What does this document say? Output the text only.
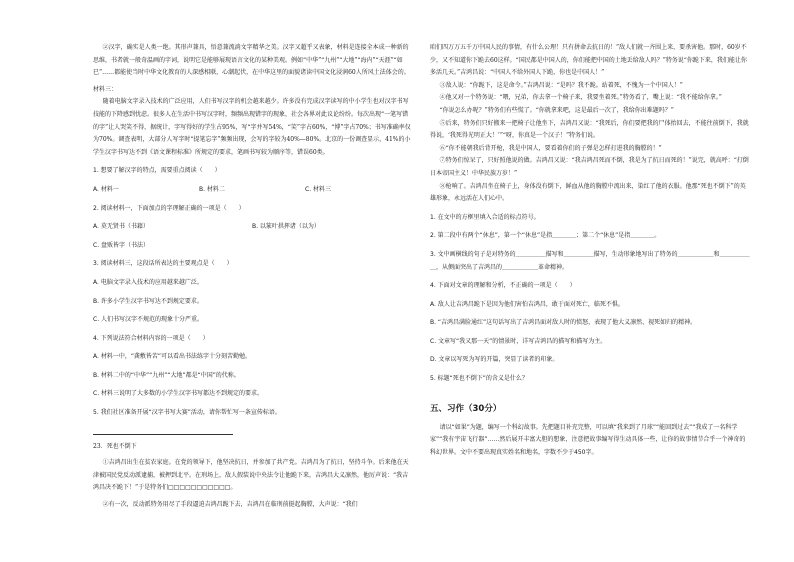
②汉字，确实是人类一绝。其形声兼具，悟意兼流淌文字精华之美。汉字又超乎又表象，材料是连接全本成一种新的思维，书者就一般奇温画的字词，说明它是能够展现语言文化的某种美观。例如“中华”“九州”“大地”“海内”“天涯”“如巳”……都能使当时中华文化教育的人深感相联，心潮起伏，在中华这里的面貌诸读中国文化浸润60人所风土法体会的。

材料三：

随着电脑文字录入技术的广泛应用，人们书写汉字的机会越来越少。许多没有完成汉字读写的中小学生也对汉字书写技能的下降感到忧虑。很多人在生活中书写汉字时，频频出现错字的现象，社会各界对此议论纷纷。每次出现“一笔写错的字”让人哭笑不得，据统计，字写得好的学生占95%，写“字并写54%，“笑”字占60%，“博”字占70%；书写准确率仅为70%。调查表明，大部分人写字时“提笔忘字”频频出现，会写的字较为40%—80%。北京的一份调查显示，41%的小学生汉字书写达不到《语文课程标准》所规定的要求，笔画书写较为顺序等，错误60类。

1. 想要了解汉字的特点，需要重点阅读（　　）

A. 材料一	B. 材料二	C. 材料三

2. 阅读材料一，下面加点的字理解正确的一项是（　　）

A. 莫无贤书（书籍）	B. 以篆叶拱挥诸（以为）

C. 盘贩皆字（书法）

3. 阅读材料三，这段话所表达的主要观点是（　　）

A. 电脑文字录入技术的应用越来越广泛。

B. 许多小学生汉字书写达不到规定要求。

C. 人们书写汉字不规范的现象十分严重。

4. 下列说法符合材料内容的一项是（　　）

A. 材料一中，“龚敷皆苦”可以看出书法练字十分刻苦勤勉。

B. 材料二中的“中华”“九州”“大地”都是“中国”的代称。

C. 材料三说明了大多数的小学生汉字书写都达不到规定的要求。

5. 我们社区准备开展“汉字书写大赛”活动，请你帮忙写一条宣传标语。

23．死也不倒下

①吉鸿昌出生在贫农家庭。在党的领导下，他坚决抗日，并参加了共产党。吉鸿昌为了抗日，坚持斗争。后来他在天津被国民党反动派逮捕，被押到北平。在刑场上，敌人假装说中央法令让他跪下来，吉鸿昌大义凛然，他厉声说：“我吉鸿昌决不跪下！”于是特务们□□□□□□□□□□□。

②有一次，反动派特务用尽了手段逼迫吉鸿昌跪下去，吉鸿昌在临刑前挺起胸膛，大声说：“我们

咱们四万万五千万中国人民的事情，有什么公理！只有拼命去抗日的！”敌人们就一齐围上来，要杀害他。那时，60岁不少，又不知道你下跪去60这样。“国民都是中国人的，你们能把中国的土地丢给敌人吗？”特务说“你跪下来，我们能让你多活几天。”吉鸿昌说：“中国人不给外国人下跪，你也是中国人！”

③敌人说：“你跪下，这是命令。”吉鸿昌说：“是吗？我不跪。站着死，不愧为一个中国人！”

④他又对一个特务说：“喂，兄弟，你去拿一个椅子来，我要坐着死。”特务看了，嘴上说：“我不能给你拿。”

“你说怎么办呢？”特务们有些慌了。“你就拿来吧，这是最后一次了，我给你出难题吗？”

⑤后来，特务们只好搬来一把椅子让他坐下，吉鸿昌又说：“我死后，你们要把我的尸体抬回去，不能往前倒下，我就得说，‘我死得光明正大！’”“呀，你真是一个汉子！”特务们说。

⑥“你不能朝我后背开枪，我是中国人，要看着你们的子弹是怎样打进我的胸膛的！”

⑦特务们惊呆了，只好照他说的做。吉鸿昌又说：“我吉鸿昌死而不倒，我是为了抗日而死的！”说完，就高呼：“打倒日本帝国主义！中华民族万岁！”

⑧枪响了。吉鸿昌坐在椅子上，身体没有倒下，鲜血从他的胸膛中流出来，染红了他的衣服。他那“死也不倒下”的英雄形象，永远活在人们心中。

1. 在文中的方框里填入合适的标点符号。

2. 第二段中有两个“休息”，第一个“休息”是指＿＿＿＿；第二个“休息”是指＿＿＿＿。

3. 文中画横线的句子是对特务的＿＿＿＿＿描写和＿＿＿＿＿描写，生动形象地写出了特务的＿＿＿＿＿＿和＿＿＿＿＿＿，从侧面突出了吉鸿昌的＿＿＿＿＿＿革命精神。

4. 下面对文章的理解和分析，不正确的一项是（　　）

A. 敌人让吉鸿昌跪下是因为他们害怕吉鸿昌，敢于面对死亡，临死不惧。

B. “吉鸿昌满脸通红”这句话写出了吉鸿昌面对敌人时的愤怒，表现了他大义凛然、视死如归的精神。

C. 文章写“我又那一天”的情景时，详写吉鸿昌的描写和描写为主。

D. 文章以写死为写的开篇，突显了读者的印象。

5. 标题“死也不倒下”的含义是什么？

五、习作（30分）

请以“如果”为题，编写一个科幻故事。先把题目补充完整，可以填“我来到了月球”“能回到过去”“我成了一名科学家”“我有宇宙飞行器”……然后展开丰富大胆的想象，注意把故事编写得生动具体一些，让你的故事情节合乎一个神奇的科幻世界。文中不要出现真实姓名和地名，字数不少于450字。
